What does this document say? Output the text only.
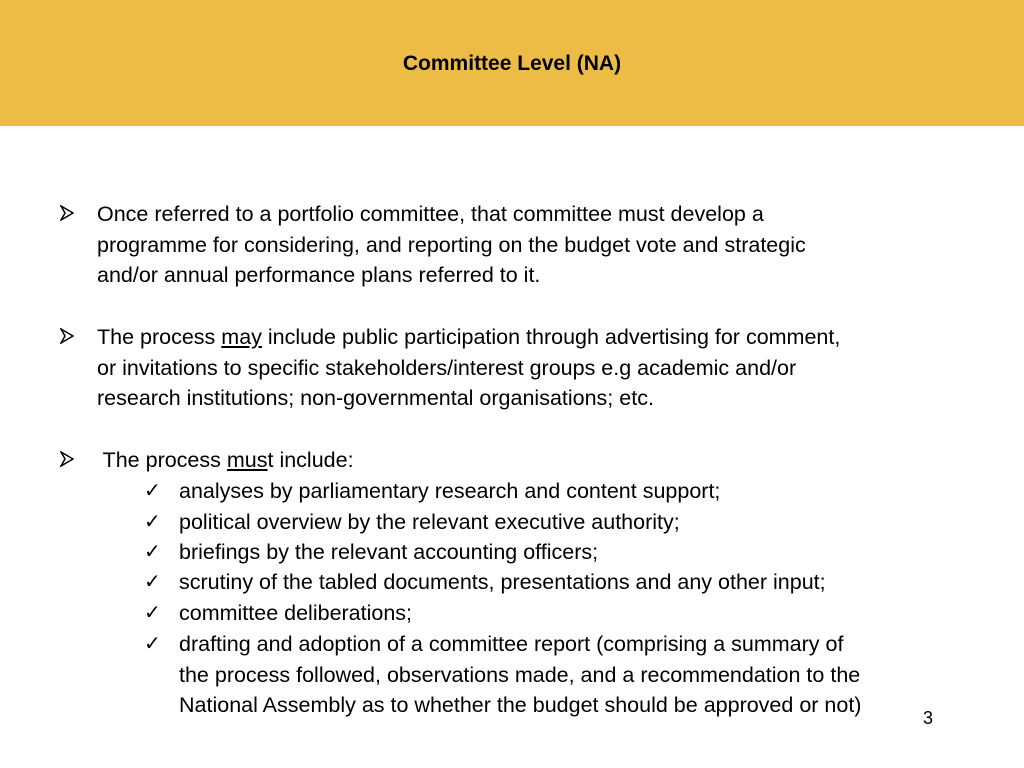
Committee Level (NA)
Once referred to a portfolio committee, that committee must develop a
programme for considering, and reporting on the budget vote and strategic
and/or annual performance plans referred to it.
The process may include public participation through advertising for comment,
or invitations to specific stakeholders/interest groups e.g academic and/or
research institutions; non-governmental organisations; etc.
The process must include:
✓ analyses by parliamentary research and content support;
✓ political overview by the relevant executive authority;
✓ briefings by the relevant accounting officers;
✓ scrutiny of the tabled documents, presentations and any other input;
✓ committee deliberations;
✓ drafting and adoption of a committee report (comprising a summary of
the process followed, observations made, and a recommendation to the
National Assembly as to whether the budget should be approved or not)
3
